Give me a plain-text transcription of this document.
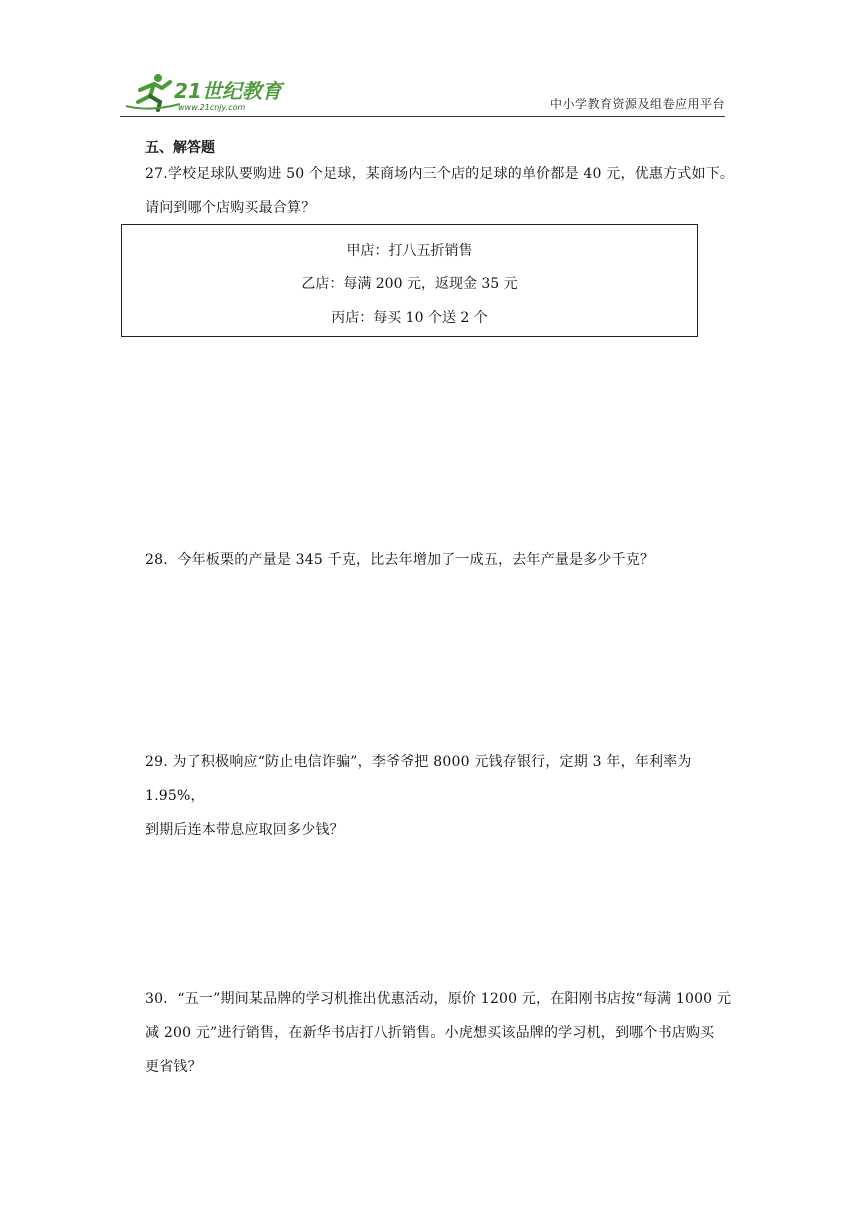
21世纪教育
www.21cnjy.com	中小学教育资源及组卷应用平台
五、解答题
27.学校足球队要购进 50 个足球，某商场内三个店的足球的单价都是 40 元，优惠方式如下。
请问到哪个店购买最合算？
甲店：打八五折销售
乙店：每满 200 元，返现金 35 元
丙店：每买 10 个送 2 个
28．今年板栗的产量是 345 千克，比去年增加了一成五，去年产量是多少千克？
29. 为了积极响应“防止电信诈骗”，李爷爷把 8000 元钱存银行，定期 3 年，年利率为 1.95%，
到期后连本带息应取回多少钱？
30．“五一”期间某品牌的学习机推出优惠活动，原价 1200 元，在阳刚书店按“每满 1000 元
减 200 元”进行销售，在新华书店打八折销售。小虎想买该品牌的学习机，到哪个书店购买
更省钱？
